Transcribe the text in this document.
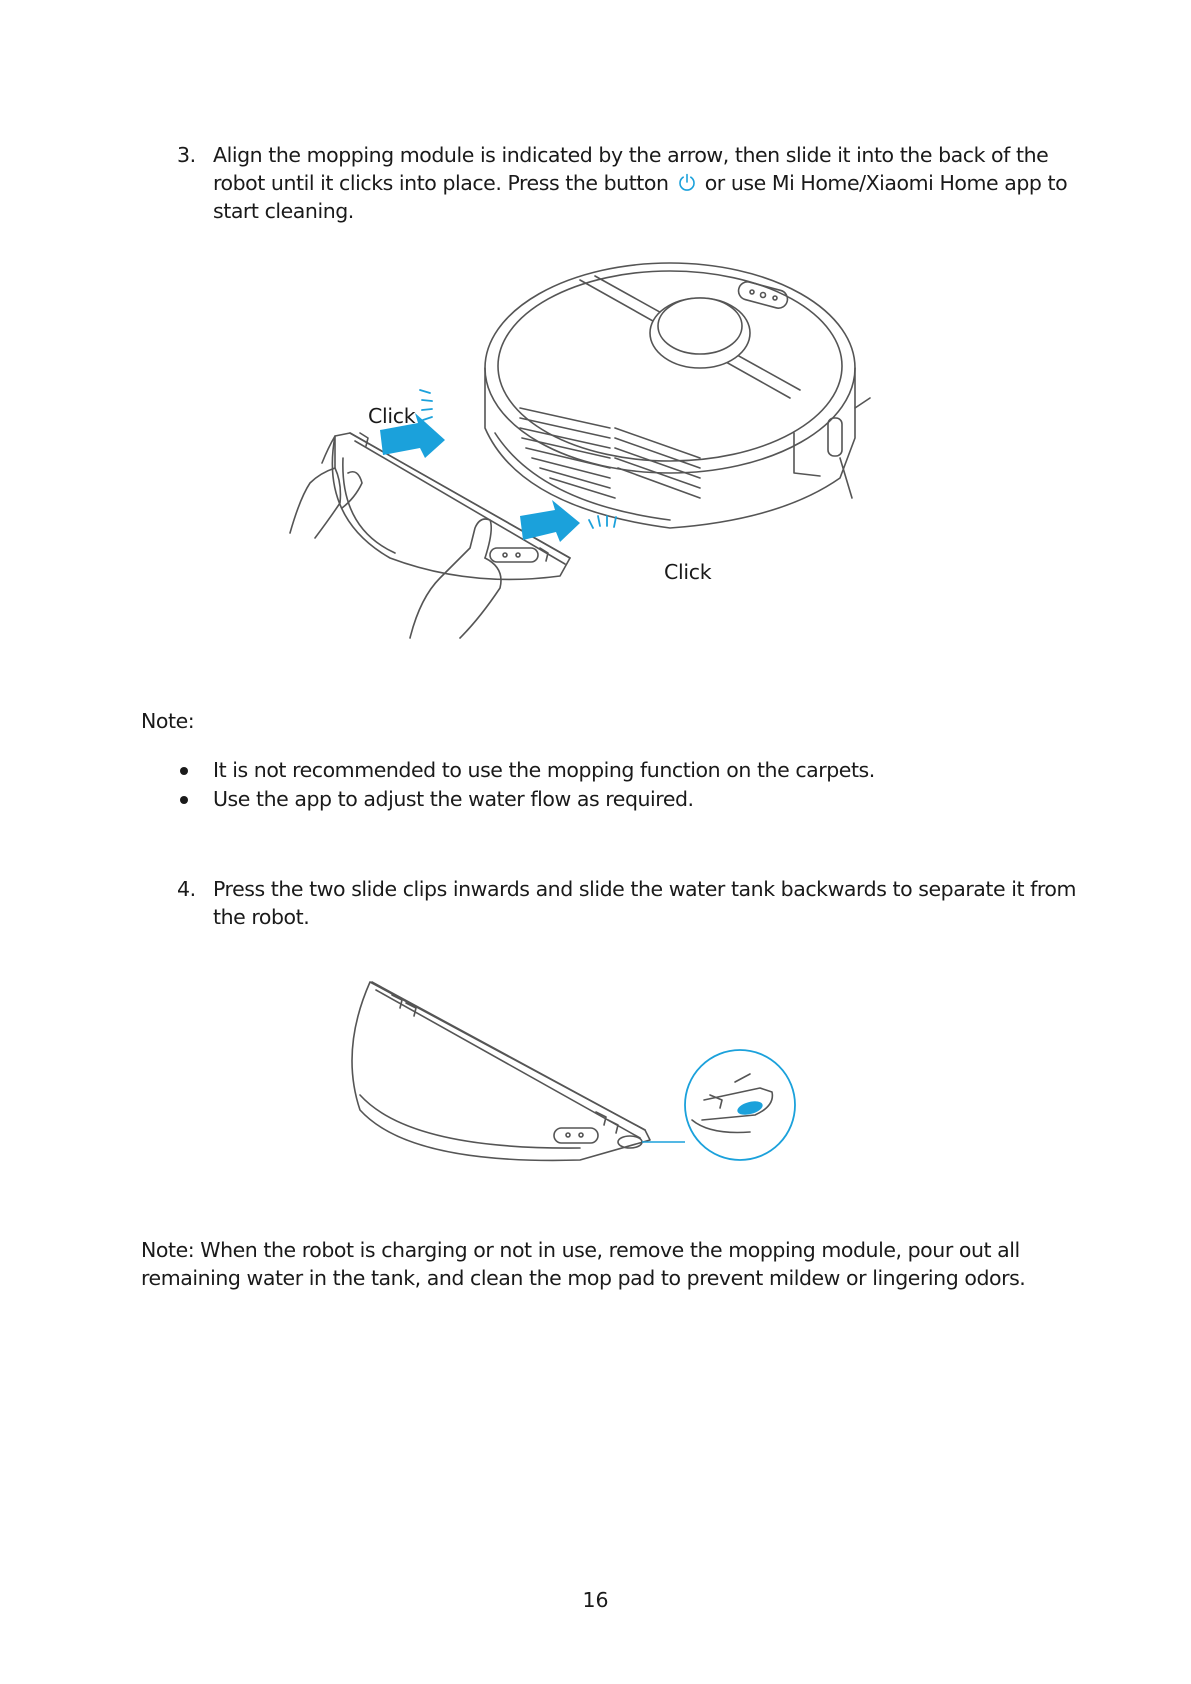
3. Align the mopping module is indicated by the arrow, then slide it into the back of the robot until it clicks into place. Press the button or use Mi Home/Xiaomi Home app to start cleaning.
Click
Click
Note:
It is not recommended to use the mopping function on the carpets.
Use the app to adjust the water flow as required.
4. Press the two slide clips inwards and slide the water tank backwards to separate it from the robot.
Note: When the robot is charging or not in use, remove the mopping module, pour out all remaining water in the tank, and clean the mop pad to prevent mildew or lingering odors.
16
